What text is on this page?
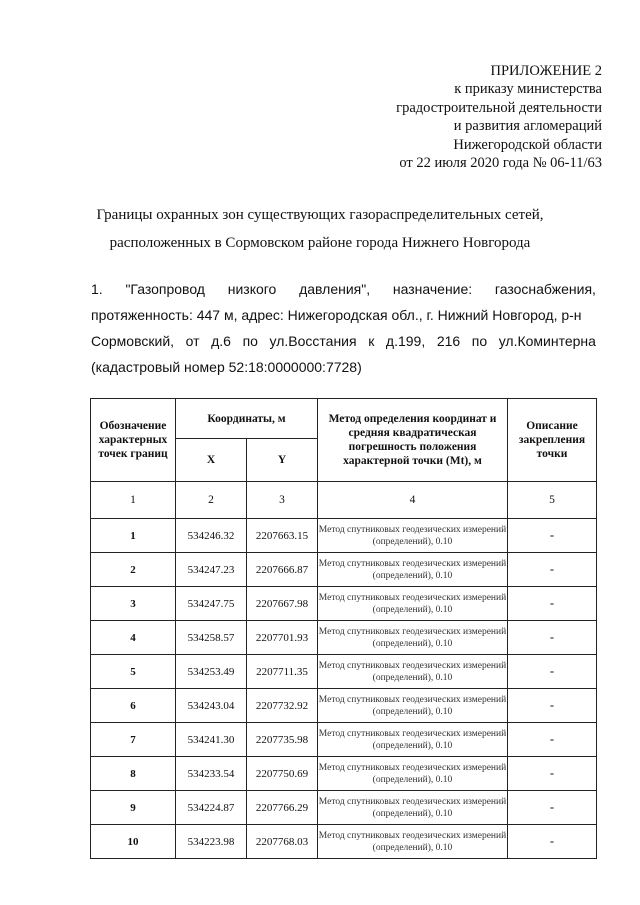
ПРИЛОЖЕНИЕ 2
к приказу министерства
градостроительной деятельности
и развития агломераций
Нижегородской области
от 22 июля 2020 года № 06-11/63
Границы охранных зон существующих газораспределительных сетей,
расположенных в Сормовском районе города Нижнего Новгорода
1. "Газопровод низкого давления", назначение: газоснабжения,
протяженность: 447 м, адрес: Нижегородская обл., г. Нижний Новгород, р-н
Сормовский, от д.6 по ул.Восстания к д.199, 216 по ул.Коминтерна
(кадастровый номер 52:18:0000000:7728)
Обозначение характерных точек границ	Координаты, м		Метод определения координат и средняя квадратическая погрешность положения характерной точки (Mt), м	Описание закрепления точки
	X	Y		
1	2	3	4	5
1	534246.32	2207663.15	Метод спутниковых геодезических измерений (определений), 0.10	-
2	534247.23	2207666.87	Метод спутниковых геодезических измерений (определений), 0.10	-
3	534247.75	2207667.98	Метод спутниковых геодезических измерений (определений), 0.10	-
4	534258.57	2207701.93	Метод спутниковых геодезических измерений (определений), 0.10	-
5	534253.49	2207711.35	Метод спутниковых геодезических измерений (определений), 0.10	-
6	534243.04	2207732.92	Метод спутниковых геодезических измерений (определений), 0.10	-
7	534241.30	2207735.98	Метод спутниковых геодезических измерений (определений), 0.10	-
8	534233.54	2207750.69	Метод спутниковых геодезических измерений (определений), 0.10	-
9	534224.87	2207766.29	Метод спутниковых геодезических измерений (определений), 0.10	-
10	534223.98	2207768.03	Метод спутниковых геодезических измерений (определений), 0.10	-
